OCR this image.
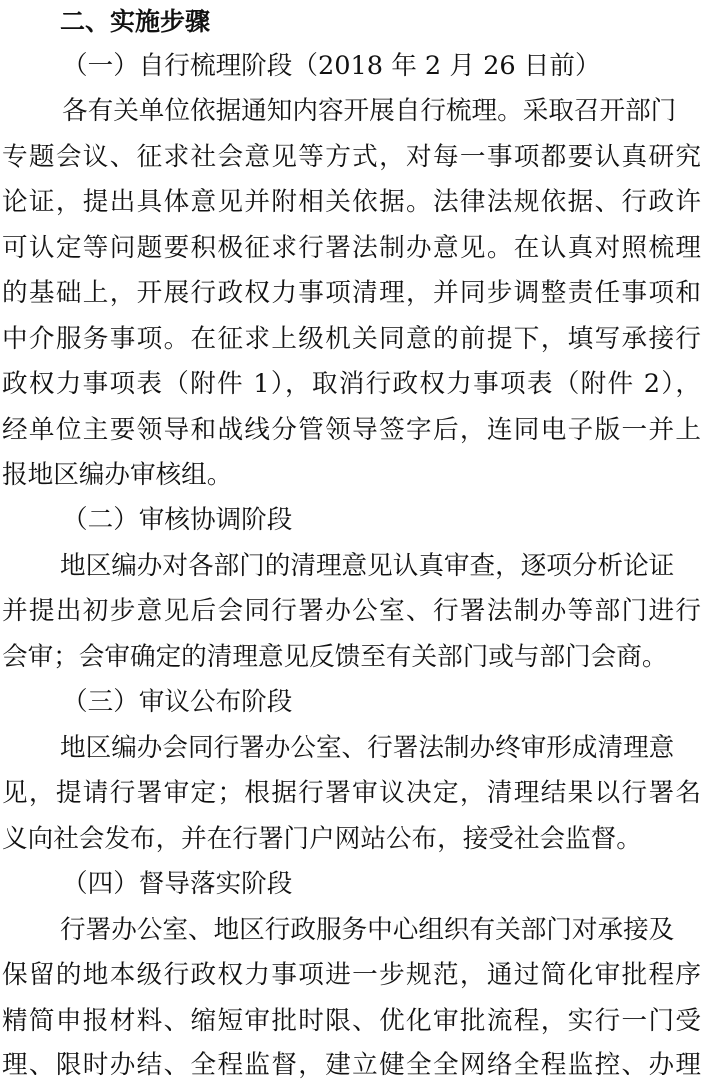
二、实施步骤
（一）自行梳理阶段（2018 年 2 月 26 日前）
各有关单位依据通知内容开展自行梳理。采取召开部门
专题会议、征求社会意见等方式，对每一事项都要认真研究
论证，提出具体意见并附相关依据。法律法规依据、行政许
可认定等问题要积极征求行署法制办意见。在认真对照梳理
的基础上，开展行政权力事项清理，并同步调整责任事项和
中介服务事项。在征求上级机关同意的前提下，填写承接行
政权力事项表（附件 1），取消行政权力事项表（附件 2），
经单位主要领导和战线分管领导签字后，连同电子版一并上
报地区编办审核组。
（二）审核协调阶段
地区编办对各部门的清理意见认真审查，逐项分析论证
并提出初步意见后会同行署办公室、行署法制办等部门进行
会审；会审确定的清理意见反馈至有关部门或与部门会商。
（三）审议公布阶段
地区编办会同行署办公室、行署法制办终审形成清理意
见，提请行署审定；根据行署审议决定，清理结果以行署名
义向社会发布，并在行署门户网站公布，接受社会监督。
（四）督导落实阶段
行署办公室、地区行政服务中心组织有关部门对承接及
保留的地本级行政权力事项进一步规范，通过简化审批程序
精简申报材料、缩短审批时限、优化审批流程，实行一门受
理、限时办结、全程监督，建立健全全网络全程监控、办理
